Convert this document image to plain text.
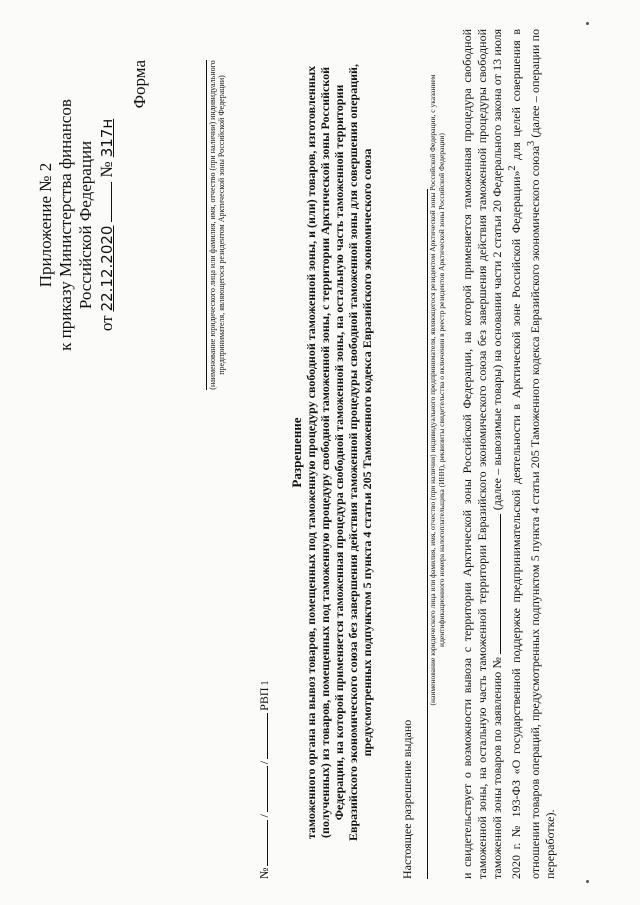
Приложение № 2 к приказу Министерства финансов Российской Федерации
от
22.12.2020
№
317н
Форма	(наименование юридического лица или фамилия, имя, отчество (при наличии) индивидуального предпринимателя, являющегося резидентом Арктической зоны Российской Федерации)
№
/
/
РВП
1
Разрешение таможенного органа на вывоз товаров, помещенных под таможенную процедуру свободной таможенной зоны, и (или) товаров, изготовленных (полученных) из товаров, помещенных под таможенную процедуру свободной таможенной зоны, с территории Арктической зоны Российской Федерации, на которой применяется таможенная процедура свободной таможенной зоны, на остальную часть таможенной территории Евразийского экономического союза без завершения действия таможенной процедуры свободной таможенной зоны для совершения операций, предусмотренных подпунктом 5 пункта 4 статьи 205 Таможенного кодекса Евразийского экономического союза
Настоящее разрешение выдано
(наименование юридического лица или фамилия, имя, отчество (при наличии) индивидуального предпринимателя, являющегося резидентом Арктической зоны Российской Федерации, с указанием идентификационного номера налогоплательщика (ИНН), реквизиты свидетельства о включении в реестр резидентов Арктической зоны Российской Федерации) и свидетельствует о возможности вывоза с территории Арктической зоны Российской Федерации, на которой применяется таможенная процедура свободной таможенной зоны, на остальную часть таможенной территории Евразийского экономического союза без завершения действия таможенной процедуры свободной таможенной зоны товаров по заявлению №  (далее – вывозимые товары) на основании части 2 статьи 20 Федерального закона от 13 июля 2020 г. № 193-ФЗ «О государственной поддержке предпринимательской деятельности в Арктической зоне Российской Федерации»$^2$ для целей совершения в отношении товаров операций, предусмотренных подпунктом 5 пункта 4 статьи 205 Таможенного кодекса Евразийского экономического союза$^3$ (далее – операции по переработке).
